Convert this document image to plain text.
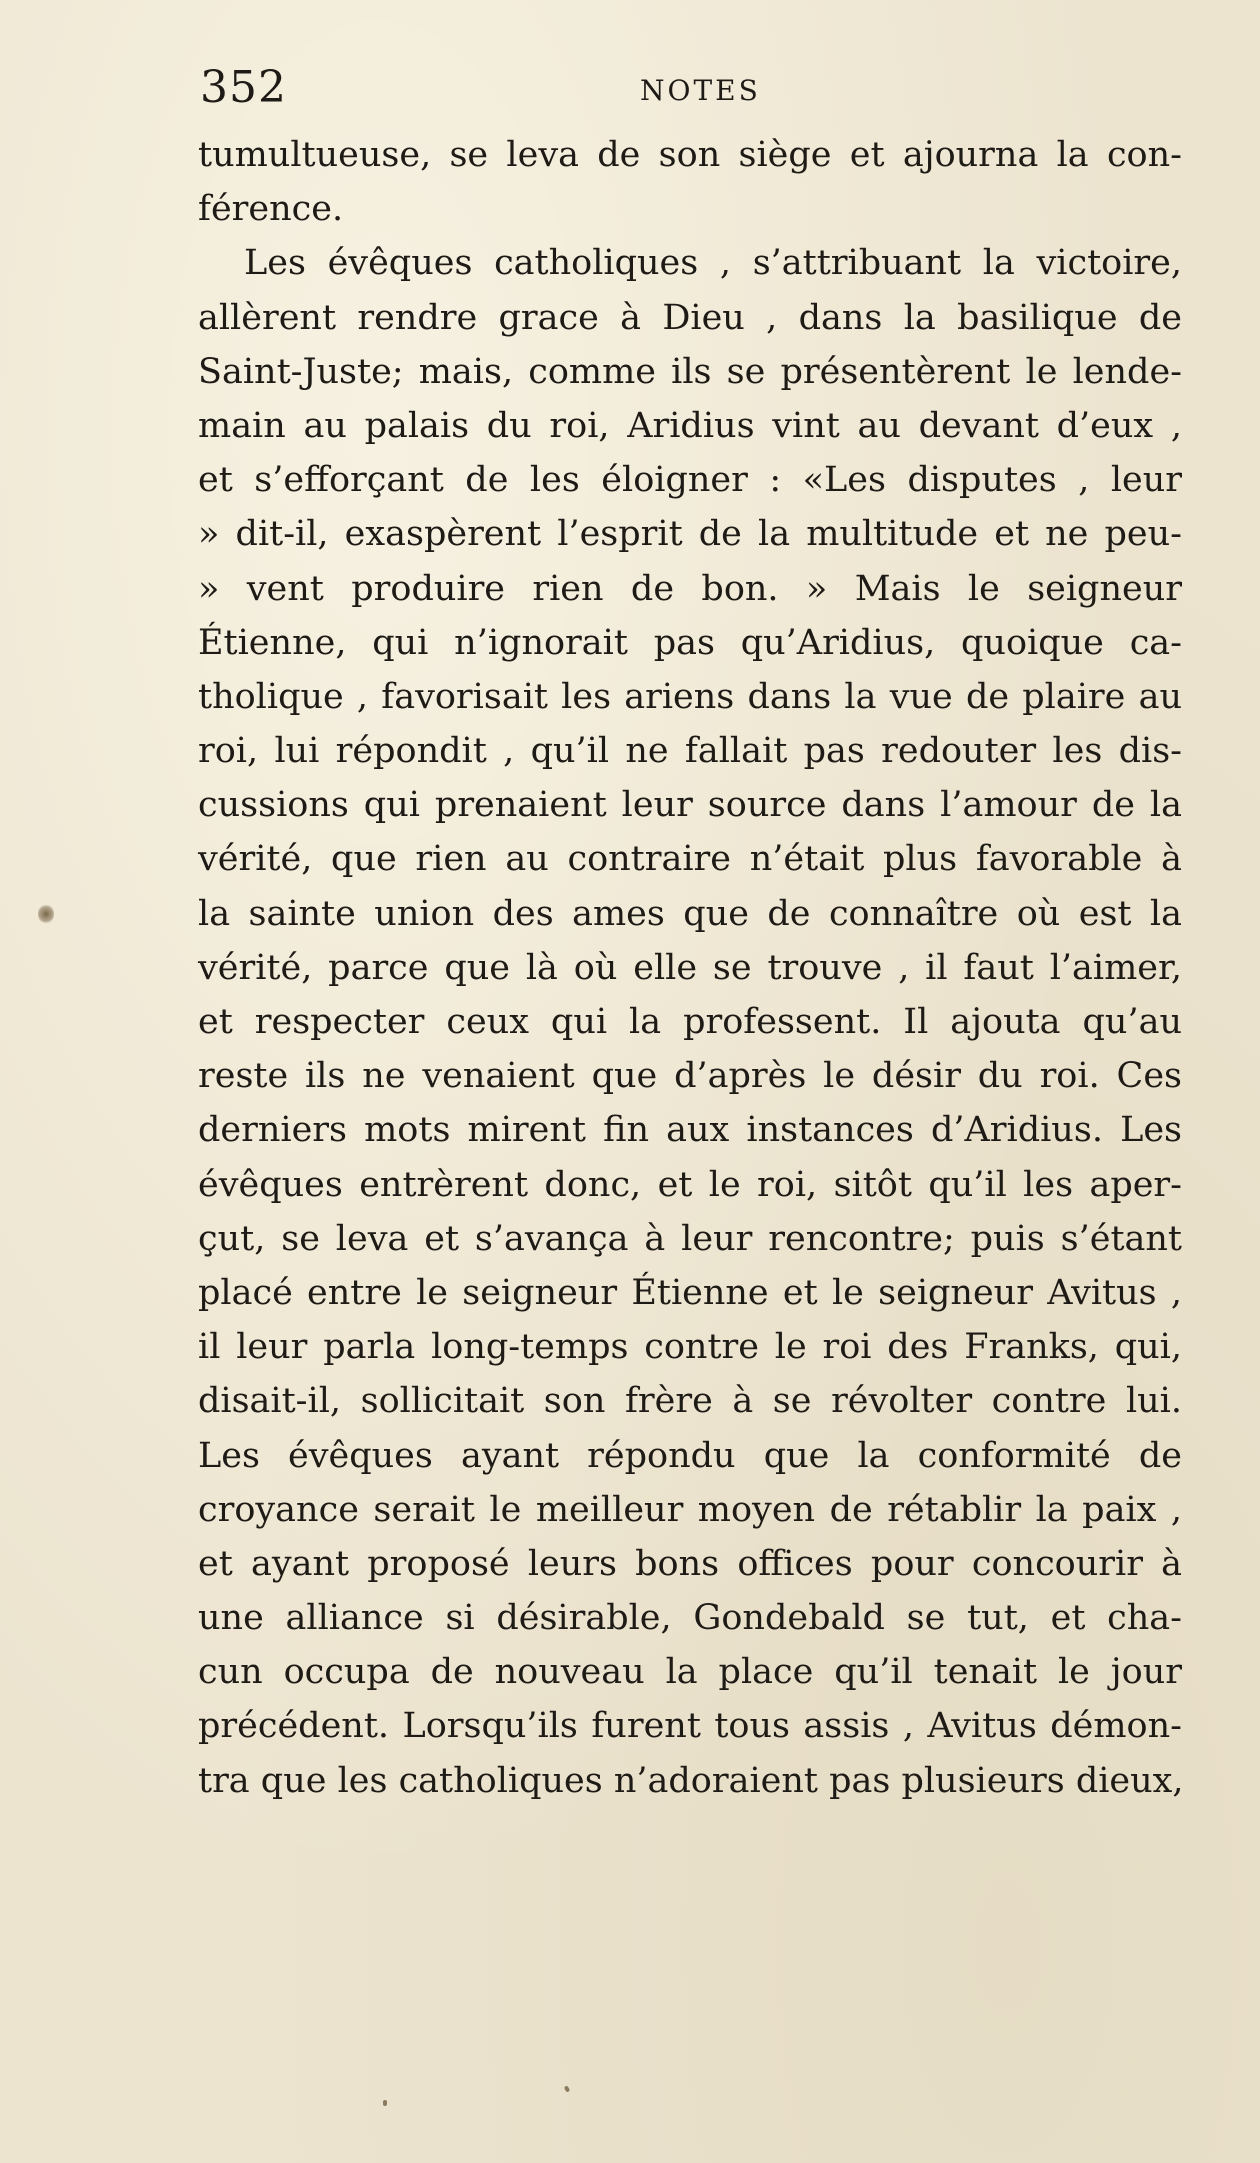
352	NOTES
tumultueuse, se leva de son siège et ajourna la con-
férence.
Les évêques catholiques , s’attribuant la victoire,
allèrent rendre grace à Dieu , dans la basilique de
Saint-Juste; mais, comme ils se présentèrent le lende-
main au palais du roi, Aridius vint au devant d’eux ,
et s’efforçant de les éloigner : «Les disputes , leur
» dit-il, exaspèrent l’esprit de la multitude et ne peu-
» vent produire rien de bon. » Mais le seigneur
Étienne, qui n’ignorait pas qu’Aridius, quoique ca-
tholique , favorisait les ariens dans la vue de plaire au
roi, lui répondit , qu’il ne fallait pas redouter les dis-
cussions qui prenaient leur source dans l’amour de la
vérité, que rien au contraire n’était plus favorable à
la sainte union des ames que de connaître où est la
vérité, parce que là où elle se trouve , il faut l’aimer,
et respecter ceux qui la professent. Il ajouta qu’au
reste ils ne venaient que d’après le désir du roi. Ces
derniers mots mirent fin aux instances d’Aridius. Les
évêques entrèrent donc, et le roi, sitôt qu’il les aper-
çut, se leva et s’avança à leur rencontre; puis s’étant
placé entre le seigneur Étienne et le seigneur Avitus ,
il leur parla long-temps contre le roi des Franks, qui,
disait-il, sollicitait son frère à se révolter contre lui.
Les évêques ayant répondu que la conformité de
croyance serait le meilleur moyen de rétablir la paix ,
et ayant proposé leurs bons offices pour concourir à
une alliance si désirable, Gondebald se tut, et cha-
cun occupa de nouveau la place qu’il tenait le jour
précédent. Lorsqu’ils furent tous assis , Avitus démon-
tra que les catholiques n’adoraient pas plusieurs dieux,
